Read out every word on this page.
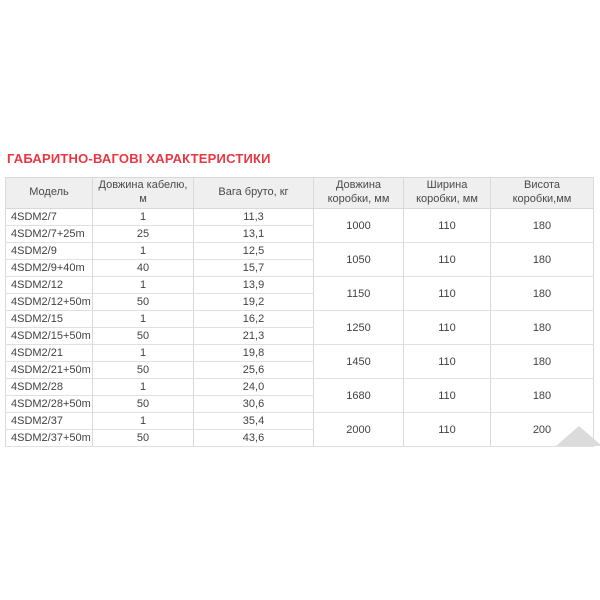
ГАБАРИТНО-ВАГОВІ ХАРАКТЕРИСТИКИ
Модель	Довжина кабелю, м	Вага бруто, кг	Довжина коробки, мм	Ширина коробки, мм	Висота коробки,мм
4SDM2/7	1	11,3	1000	110	180
4SDM2/7+25m	25	13,1			
4SDM2/9	1	12,5	1050	110	180
4SDM2/9+40m	40	15,7			
4SDM2/12	1	13,9	1150	110	180
4SDM2/12+50m	50	19,2			
4SDM2/15	1	16,2	1250	110	180
4SDM2/15+50m	50	21,3			
4SDM2/21	1	19,8	1450	110	180
4SDM2/21+50m	50	25,6			
4SDM2/28	1	24,0	1680	110	180
4SDM2/28+50m	50	30,6			
4SDM2/37	1	35,4	2000	110	200
4SDM2/37+50m	50	43,6			
